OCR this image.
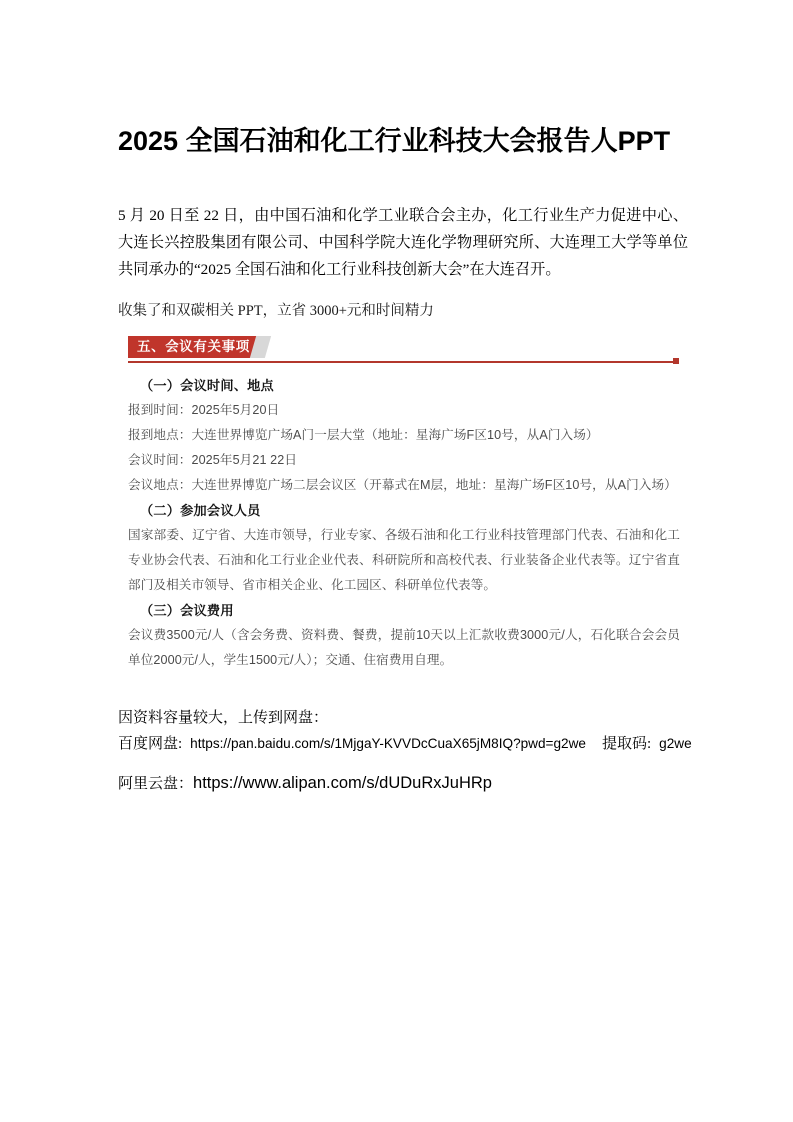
2025 全国石油和化工行业科技大会报告人PPT

5 月 20 日至 22 日，由中国石油和化学工业联合会主办，化工行业生产力促进中心、大连长兴控股集团有限公司、中国科学院大连化学物理研究所、大连理工大学等单位共同承办的“2025 全国石油和化工行业科技创新大会”在大连召开。

收集了和双碳相关 PPT，立省 3000+元和时间精力

五、会议有关事项
（一）会议时间、地点
报到时间：2025年5月20日
报到地点：大连世界博览广场A门一层大堂（地址：星海广场F区10号，从A门入场）
会议时间：2025年5月21 22日
会议地点：大连世界博览广场二层会议区（开幕式在M层，地址：星海广场F区10号，从A门入场）
（二）参加会议人员
国家部委、辽宁省、大连市领导，行业专家、各级石油和化工行业科技管理部门代表、石油和化工专业协会代表、石油和化工行业企业代表、科研院所和高校代表、行业装备企业代表等。辽宁省直部门及相关市领导、省市相关企业、化工园区、科研单位代表等。
（三）会议费用
会议费3500元/人（含会务费、资料费、餐费，提前10天以上汇款收费3000元/人，石化联合会会员单位2000元/人，学生1500元/人）；交通、住宿费用自理。

因资料容量较大，上传到网盘：

百度网盘: https://pan.baidu.com/s/1MjgaY-KVVDcCuaX65jM8IQ?pwd=g2we 提取码: g2we

阿里云盘：https://www.alipan.com/s/dUDuRxJuHRp
